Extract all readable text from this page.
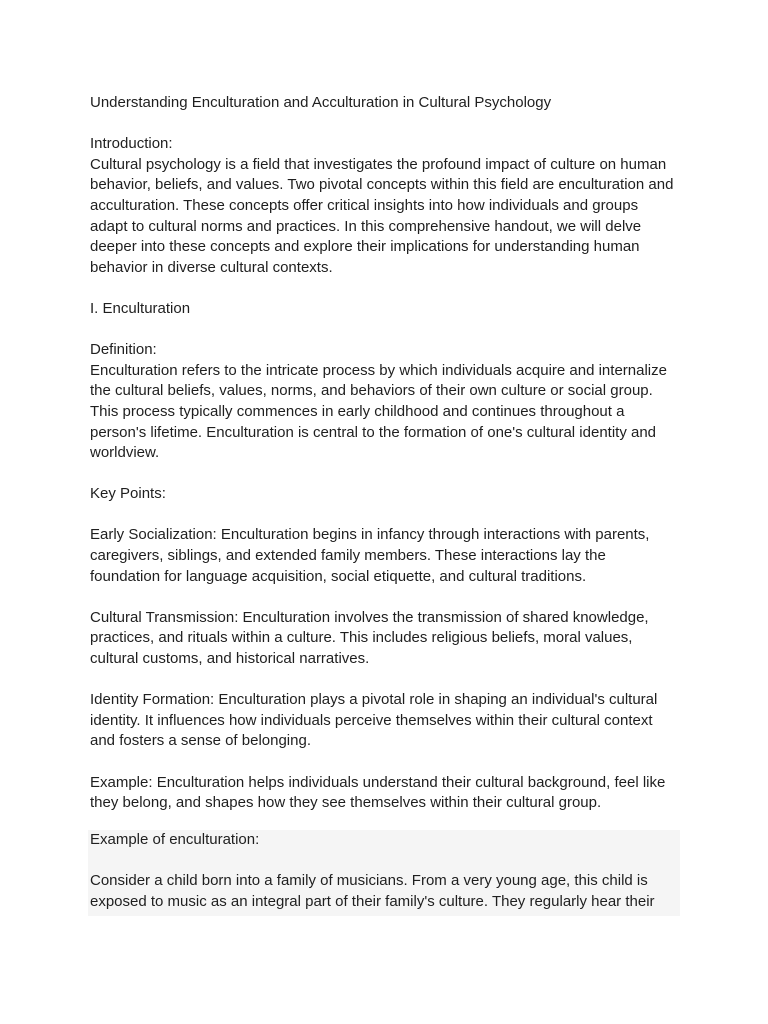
Example of enculturation:

Consider a child born into a family of musicians. From a very young age, this child is

exposed to music as an integral part of their family's culture. They regularly hear their

Understanding Enculturation and Acculturation in Cultural Psychology

Introduction:

Cultural psychology is a field that investigates the profound impact of culture on human

behavior, beliefs, and values. Two pivotal concepts within this field are enculturation and

acculturation. These concepts offer critical insights into how individuals and groups

adapt to cultural norms and practices. In this comprehensive handout, we will delve

deeper into these concepts and explore their implications for understanding human

behavior in diverse cultural contexts.

I. Enculturation

Definition:

Enculturation refers to the intricate process by which individuals acquire and internalize

the cultural beliefs, values, norms, and behaviors of their own culture or social group.

This process typically commences in early childhood and continues throughout a

person's lifetime. Enculturation is central to the formation of one's cultural identity and

worldview.

Key Points:

Early Socialization: Enculturation begins in infancy through interactions with parents,

caregivers, siblings, and extended family members. These interactions lay the

foundation for language acquisition, social etiquette, and cultural traditions.

Cultural Transmission: Enculturation involves the transmission of shared knowledge,

practices, and rituals within a culture. This includes religious beliefs, moral values,

cultural customs, and historical narratives.

Identity Formation: Enculturation plays a pivotal role in shaping an individual's cultural

identity. It influences how individuals perceive themselves within their cultural context

and fosters a sense of belonging.

Example: Enculturation helps individuals understand their cultural background, feel like

they belong, and shapes how they see themselves within their cultural group.
